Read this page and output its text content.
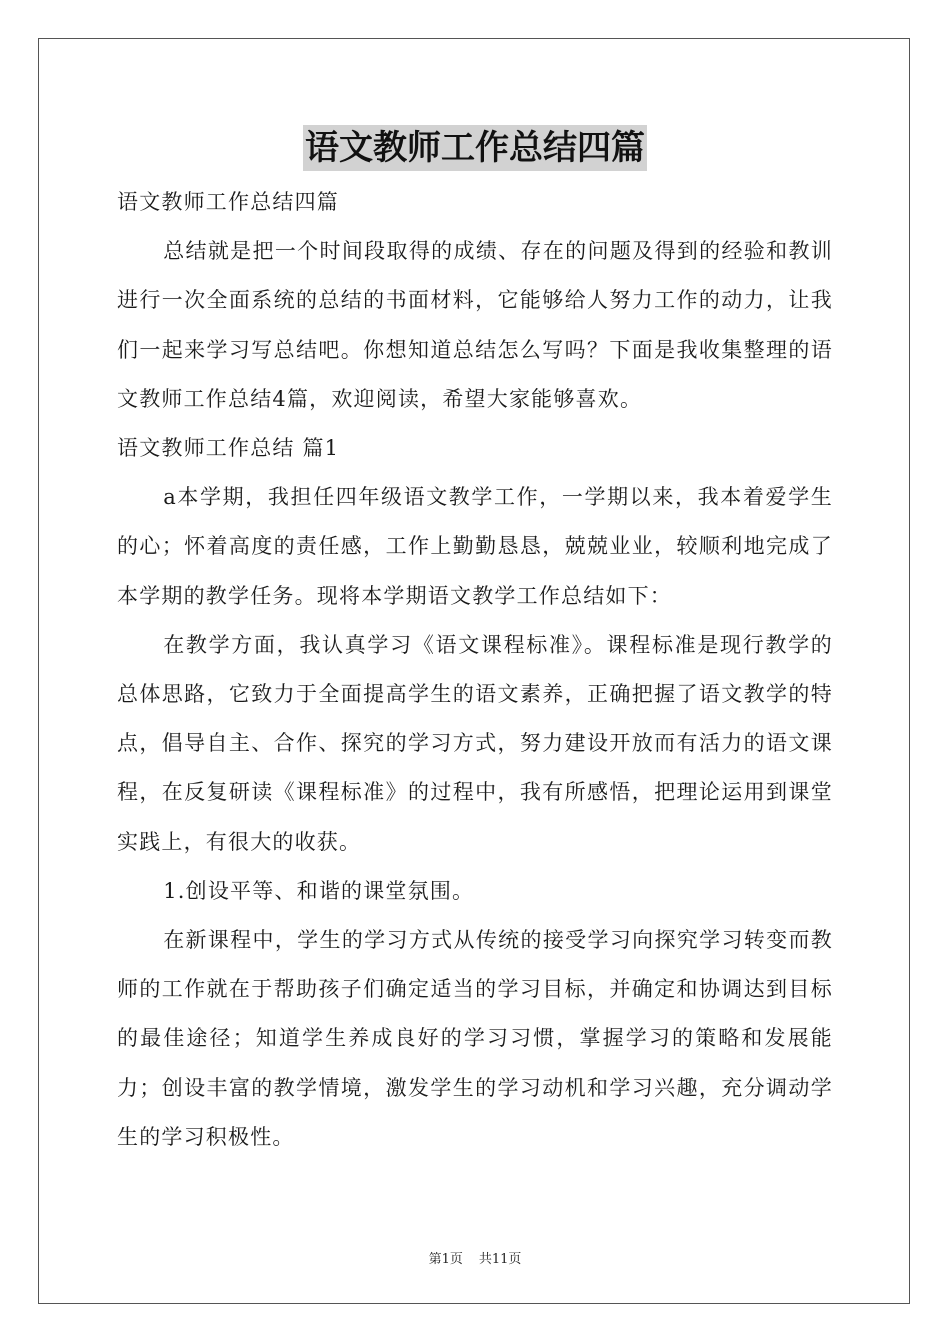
语文教师工作总结四篇

语文教师工作总结四篇

总结就是把一个时间段取得的成绩、存在的问题及得到的经验和教训进行一次全面系统的总结的书面材料，它能够给人努力工作的动力，让我们一起来学习写总结吧。你想知道总结怎么写吗？下面是我收集整理的语文教师工作总结4篇，欢迎阅读，希望大家能够喜欢。

语文教师工作总结 篇1

a本学期，我担任四年级语文教学工作，一学期以来，我本着爱学生的心；怀着高度的责任感，工作上勤勤恳恳，兢兢业业，较顺利地完成了本学期的教学任务。现将本学期语文教学工作总结如下：

在教学方面，我认真学习《语文课程标准》。课程标准是现行教学的总体思路，它致力于全面提高学生的语文素养，正确把握了语文教学的特点，倡导自主、合作、探究的学习方式，努力建设开放而有活力的语文课程，在反复研读《课程标准》的过程中，我有所感悟，把理论运用到课堂实践上，有很大的收获。

1.创设平等、和谐的课堂氛围。

在新课程中，学生的学习方式从传统的接受学习向探究学习转变而教师的工作就在于帮助孩子们确定适当的学习目标，并确定和协调达到目标的最佳途径；知道学生养成良好的学习习惯，掌握学习的策略和发展能力；创设丰富的教学情境，激发学生的学习动机和学习兴趣，充分调动学生的学习积极性。

第1页 共11页
